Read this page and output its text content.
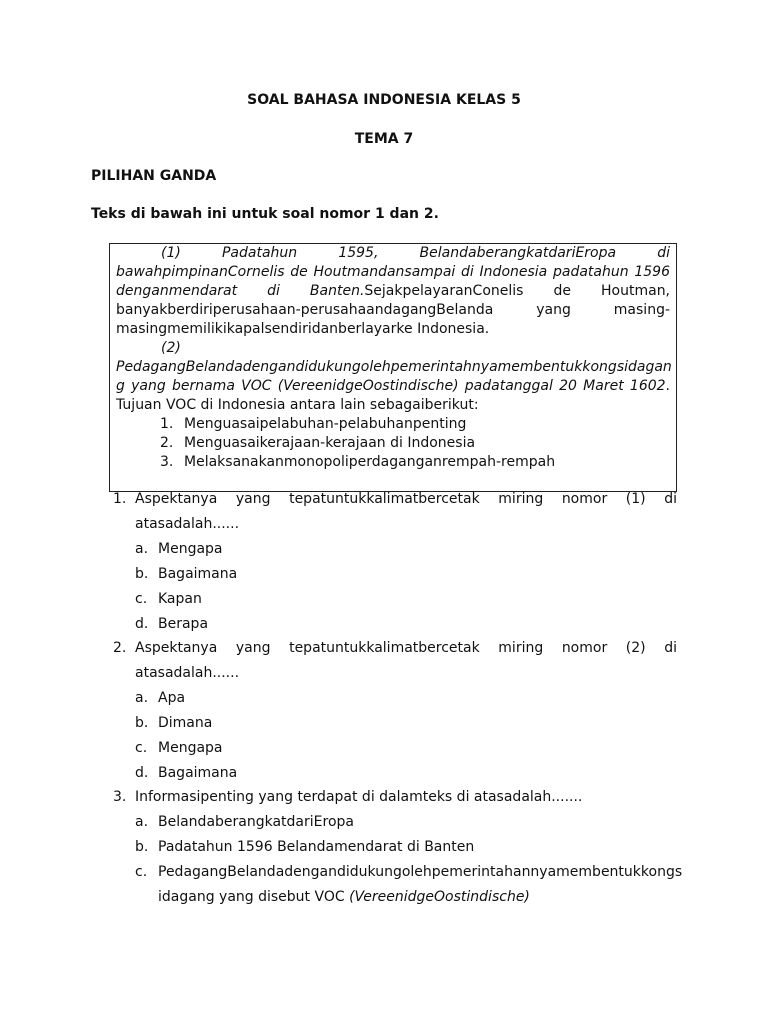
SOAL BAHASA INDONESIA KELAS 5
TEMA 7
PILIHAN GANDA
Teks di bawah ini untuk soal nomor 1 dan 2.
(1)	Padatahun	1595,	BelandaberangkatdariEropa	di
bawahpimpinanCornelis de Houtmandansampai di Indonesia padatahun 1596
denganmendarat di Banten.SejakpelayaranConelis de Houtman,
banyakberdiriperusahaan-perusahaandagangBelanda	yang	masing-
masingmemilikikapalsendiridanberlayarke Indonesia.
(2)
PedagangBelandadengandidukungolehpemerintahnyamembentukkongsidagan
g yang bernama VOC (VereenidgeOostindische) padatanggal 20 Maret 1602.
Tujuan VOC di Indonesia antara lain sebagaiberikut:
1. Menguasaipelabuhan-pelabuhanpenting
2. Menguasaikerajaan-kerajaan di Indonesia
3. Melaksanakanmonopoliperdaganganrempah-rempah
1. Aspektanya yang tepatuntukkalimatbercetak miring nomor (1) di
atasadalah......
a. Mengapa
b. Bagaimana
c. Kapan
d. Berapa
2. Aspektanya yang tepatuntukkalimatbercetak miring nomor (2) di
atasadalah......
a. Apa
b. Dimana
c. Mengapa
d. Bagaimana
3. Informasipenting yang terdapat di dalamteks di atasadalah.......
a. BelandaberangkatdariEropa
b. Padatahun 1596 Belandamendarat di Banten
c. PedagangBelandadengandidukungolehpemerintahannyamembentukkongs
idagang yang disebut VOC (VereenidgeOostindische)
